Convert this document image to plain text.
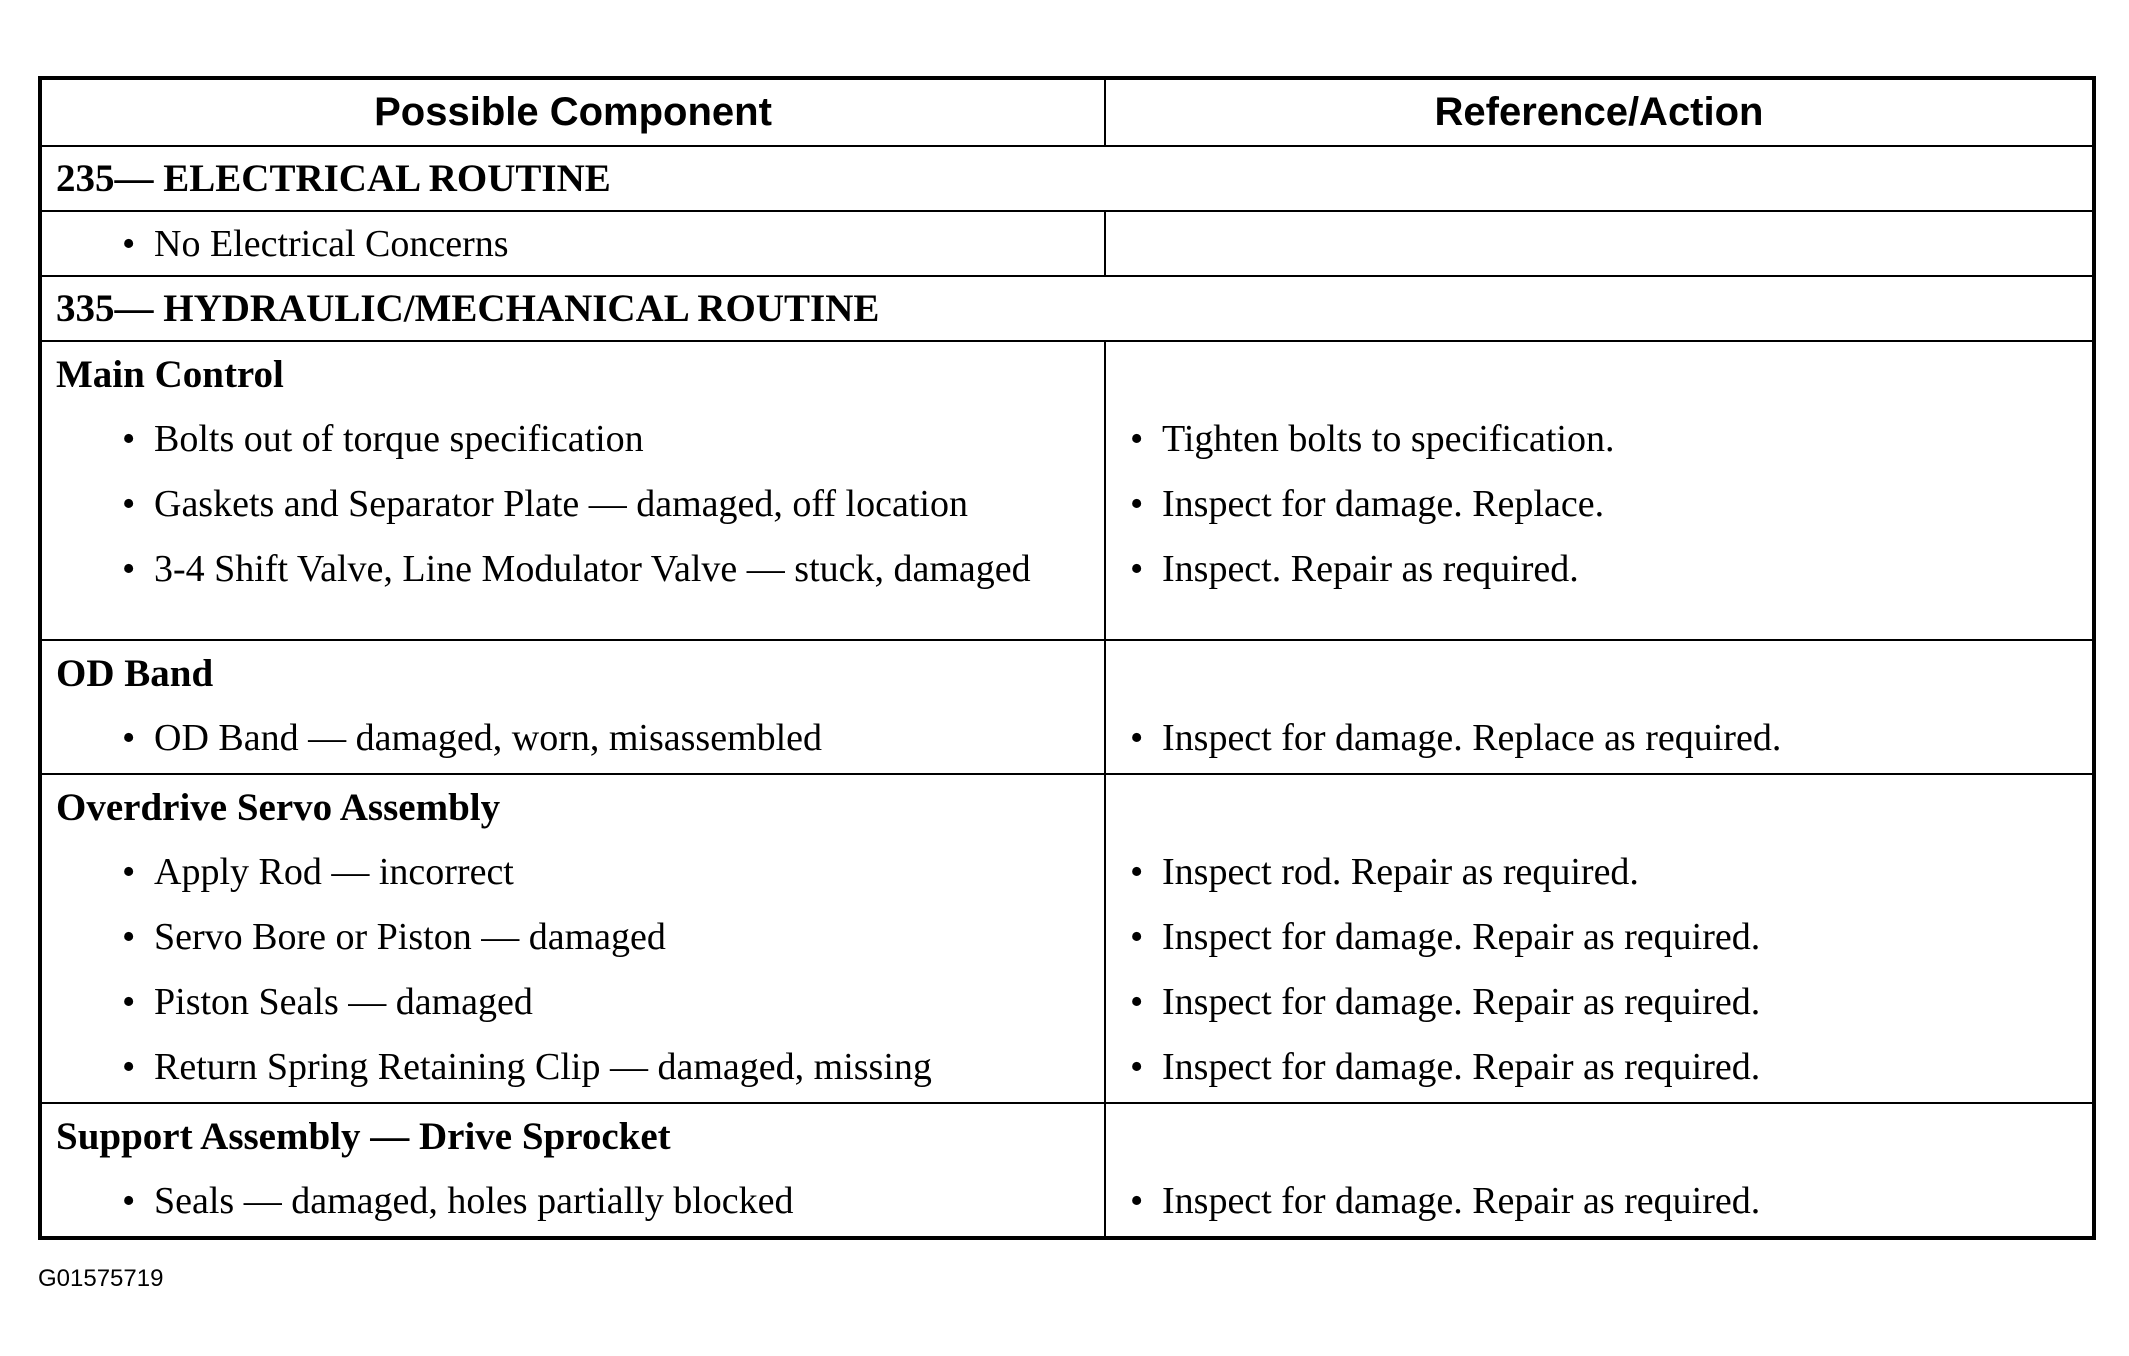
Possible Component	Reference/Action
235— ELECTRICAL ROUTINE
• No Electrical Concerns
335— HYDRAULIC/MECHANICAL ROUTINE
Main Control
• Bolts out of torque specification	• Tighten bolts to specification.
• Gaskets and Separator Plate — damaged, off location	• Inspect for damage. Replace.
• 3-4 Shift Valve, Line Modulator Valve — stuck, damaged	• Inspect. Repair as required.
OD Band
• OD Band — damaged, worn, misassembled	• Inspect for damage. Replace as required.
Overdrive Servo Assembly
• Apply Rod — incorrect	• Inspect rod. Repair as required.
• Servo Bore or Piston — damaged	• Inspect for damage. Repair as required.
• Piston Seals — damaged	• Inspect for damage. Repair as required.
• Return Spring Retaining Clip — damaged, missing	• Inspect for damage. Repair as required.
Support Assembly — Drive Sprocket
• Seals — damaged, holes partially blocked	• Inspect for damage. Repair as required.
G01575719
